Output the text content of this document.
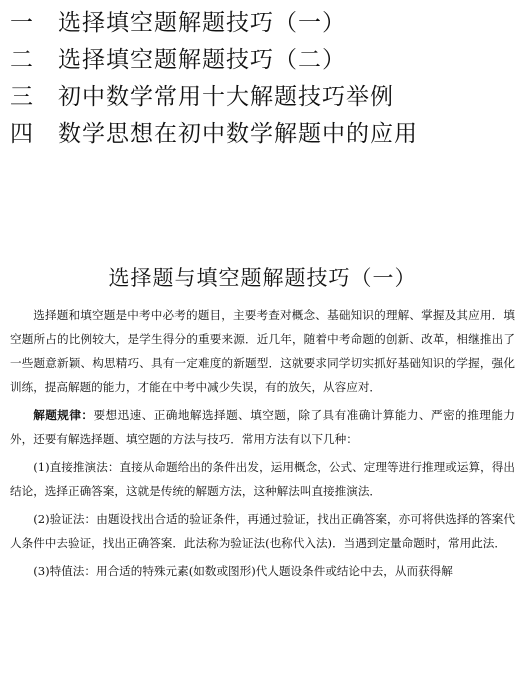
一	选择填空题解题技巧（一）
二	选择填空题解题技巧（二）
三	初中数学常用十大解题技巧举例
四	数学思想在初中数学解题中的应用
选择题与填空题解题技巧（一）

选择题和填空题是中考中必考的题目，主要考查对概念、基础知识的理解、掌握及其应用．填空题所占的比例较大，是学生得分的重要来源．近几年，随着中考命题的创新、改革，相继推出了一些题意新颖、构思精巧、具有一定难度的新题型．这就要求同学切实抓好基础知识的学握，强化训练，提高解题的能力，才能在中考中减少失误，有的放矢，从容应对．

解题规律：要想迅速、正确地解选择题、填空题，除了具有准确计算能力、严密的推理能力外，还要有解选择题、填空题的方法与技巧．常用方法有以下几种：

(1)直接推演法：直接从命题给出的条件出发，运用概念，公式、定理等进行推理或运算，得出结论，选择正确答案，这就是传统的解题方法，这种解法叫直接推演法．

(2)验证法：由题设找出合适的验证条件，再通过验证，找出正确答案，亦可将供选择的答案代人条件中去验证，找出正确答案．此法称为验证法(也称代入法)．当遇到定量命题时，常用此法．

(3)特值法：用合适的特殊元素(如数或图形)代人题设条件或结论中去，从而获得解
